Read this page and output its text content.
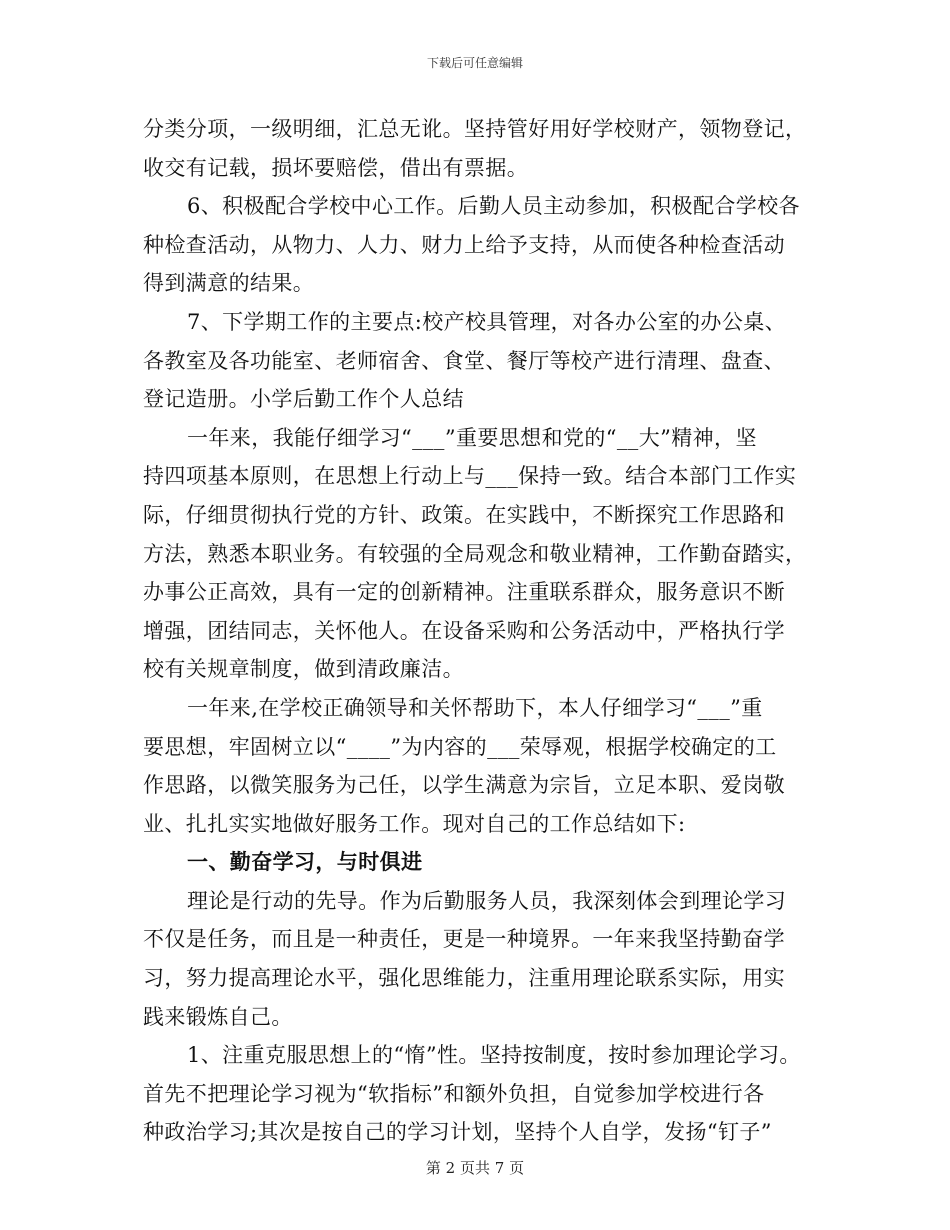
下载后可任意编辑
分类分项，一级明细，汇总无讹。坚持管好用好学校财产，领物登记，
收交有记载，损坏要赔偿，借出有票据。
6、积极配合学校中心工作。后勤人员主动参加，积极配合学校各
种检查活动，从物力、人力、财力上给予支持，从而使各种检查活动
得到满意的结果。
7、下学期工作的主要点:校产校具管理，对各办公室的办公桌、
各教室及各功能室、老师宿舍、食堂、餐厅等校产进行清理、盘查、
登记造册。小学后勤工作个人总结
一年来，我能仔细学习“___”重要思想和党的“__大”精神，坚
持四项基本原则，在思想上行动上与___保持一致。结合本部门工作实
际，仔细贯彻执行党的方针、政策。在实践中，不断探究工作思路和
方法，熟悉本职业务。有较强的全局观念和敬业精神，工作勤奋踏实，
办事公正高效，具有一定的创新精神。注重联系群众，服务意识不断
增强，团结同志，关怀他人。在设备采购和公务活动中，严格执行学
校有关规章制度，做到清政廉洁。
一年来,在学校正确领导和关怀帮助下，本人仔细学习“___”重
要思想，牢固树立以“____”为内容的___荣辱观，根据学校确定的工
作思路，以微笑服务为己任，以学生满意为宗旨，立足本职、爱岗敬
业、扎扎实实地做好服务工作。现对自己的工作总结如下:
一、勤奋学习，与时俱进
理论是行动的先导。作为后勤服务人员，我深刻体会到理论学习
不仅是任务，而且是一种责任，更是一种境界。一年来我坚持勤奋学
习，努力提高理论水平，强化思维能力，注重用理论联系实际，用实
践来锻炼自己。
1、注重克服思想上的“惰”性。坚持按制度，按时参加理论学习。
首先不把理论学习视为“软指标”和额外负担，自觉参加学校进行各
种政治学习;其次是按自己的学习计划，坚持个人自学，发扬“钉子”
第 2 页共 7 页
